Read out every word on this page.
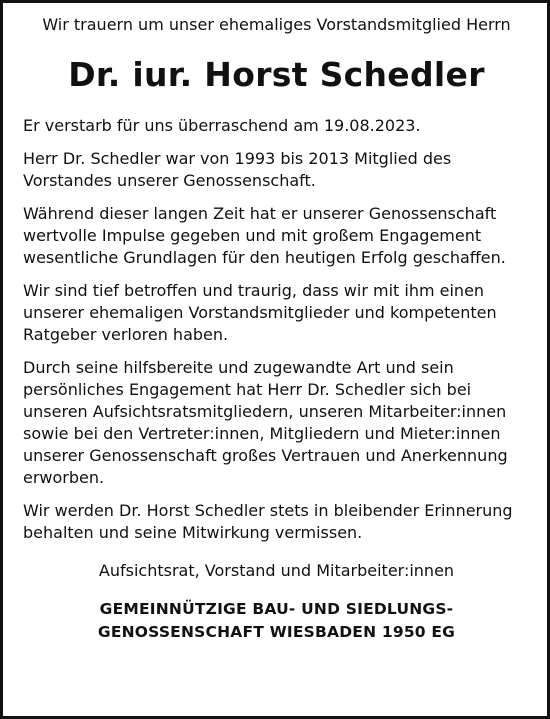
Wir trauern um unser ehemaliges Vorstandsmitglied Herrn

Dr. iur. Horst Schedler

Er verstarb für uns überraschend am 19.08.2023.

Herr Dr. Schedler war von 1993 bis 2013 Mitglied des Vorstandes unserer Genossenschaft.

Während dieser langen Zeit hat er unserer Genossenschaft wertvolle Impulse gegeben und mit großem Engagement wesentliche Grundlagen für den heutigen Erfolg geschaffen.

Wir sind tief betroffen und traurig, dass wir mit ihm einen unserer ehemaligen Vorstandsmitglieder und kompetenten Ratgeber verloren haben.

Durch seine hilfsbereite und zugewandte Art und sein persönliches Engagement hat Herr Dr. Schedler sich bei unseren Aufsichtsratsmitgliedern, unseren Mitarbeiter:innen sowie bei den Vertreter:innen, Mitgliedern und Mieter:innen unserer Genossenschaft großes Vertrauen und Anerkennung erworben.

Wir werden Dr. Horst Schedler stets in bleibender Erinnerung behalten und seine Mitwirkung vermissen.

Aufsichtsrat, Vorstand und Mitarbeiter:innen

GEMEINNÜTZIGE BAU- UND SIEDLUNGS-
GENOSSENSCHAFT WIESBADEN 1950 EG
